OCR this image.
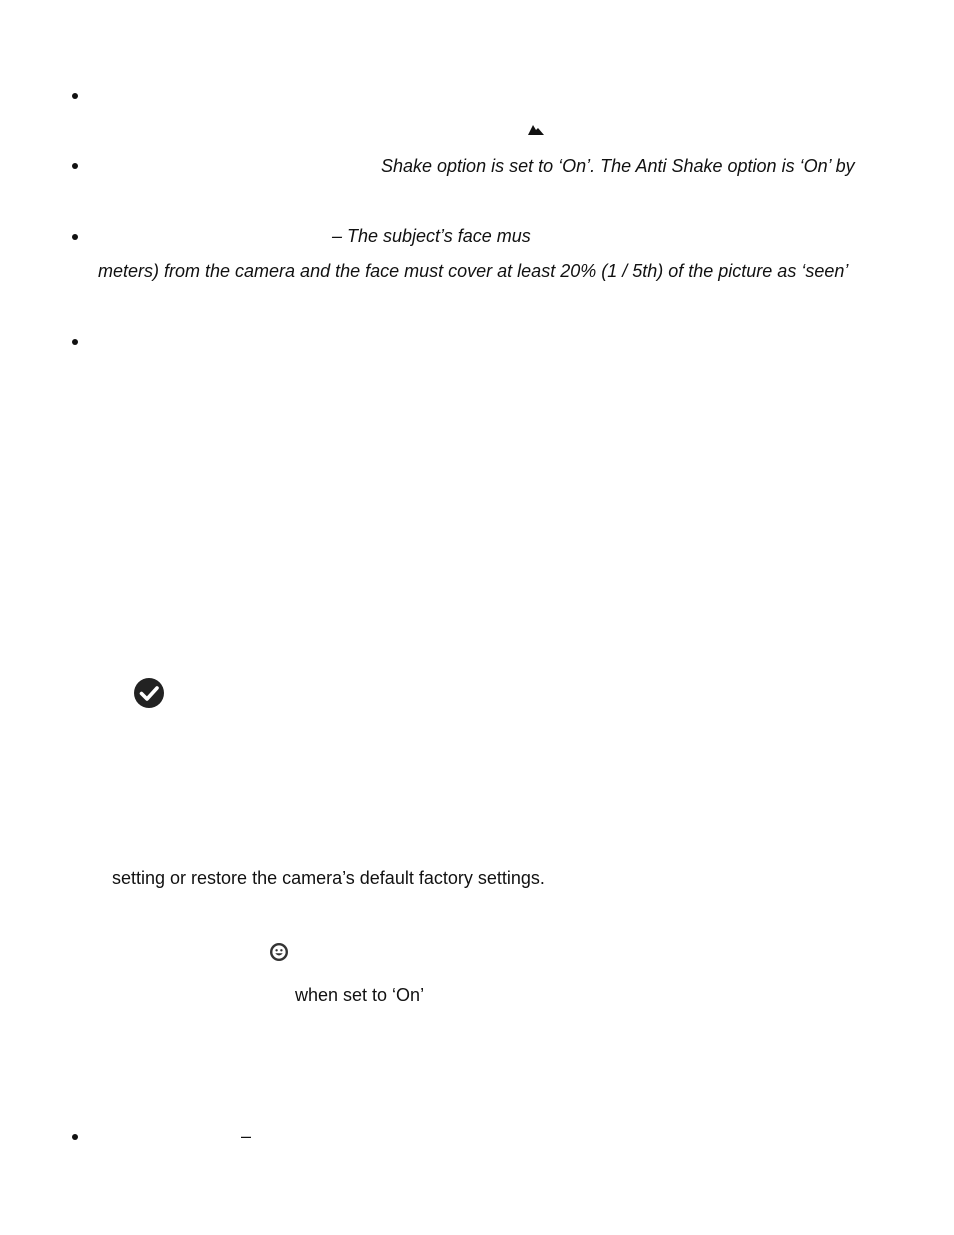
Shake option is set to ‘On’. The Anti Shake option is ‘On’ by
– The subject’s face mus
meters) from the camera and the face must cover at least 20% (1 / 5th) of the picture as ‘seen’
setting or restore the camera’s default factory settings.
when set to ‘On’
–
